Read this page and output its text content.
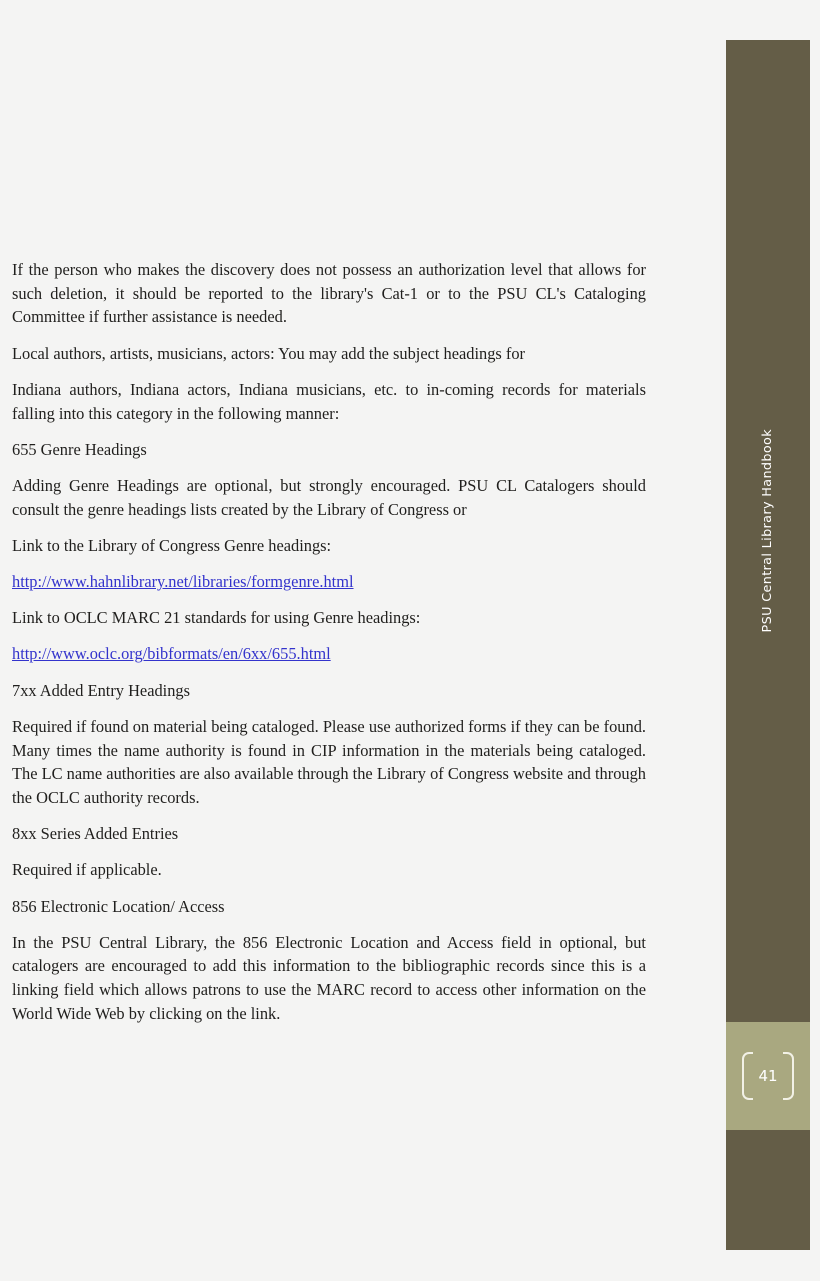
If the person who makes the discovery does not possess an authorization level that allows for such deletion, it should be reported to the library's Cat-1 or to the PSU CL's Cataloging Committee if further assistance is needed.

Local authors, artists, musicians, actors: You may add the subject headings for

Indiana authors, Indiana actors, Indiana musicians, etc. to in-coming records for materials falling into this category in the following manner:

655 Genre Headings

Adding Genre Headings are optional, but strongly encouraged. PSU CL Catalogers should consult the genre headings lists created by the Library of Congress or

Link to the Library of Congress Genre headings:

http://www.hahnlibrary.net/libraries/formgenre.html

Link to OCLC MARC 21 standards for using Genre headings:

http://www.oclc.org/bibformats/en/6xx/655.html

7xx Added Entry Headings

Required if found on material being cataloged. Please use authorized forms if they can be found. Many times the name authority is found in CIP information in the materials being cataloged. The LC name authorities are also available through the Library of Congress website and through the OCLC authority records.

8xx Series Added Entries

Required if applicable.

856 Electronic Location/ Access

In the PSU Central Library, the 856 Electronic Location and Access field in optional, but catalogers are encouraged to add this information to the bibliographic records since this is a linking field which allows patrons to use the MARC record to access other information on the World Wide Web by clicking on the link.

PSU Central Library Handbook
41
